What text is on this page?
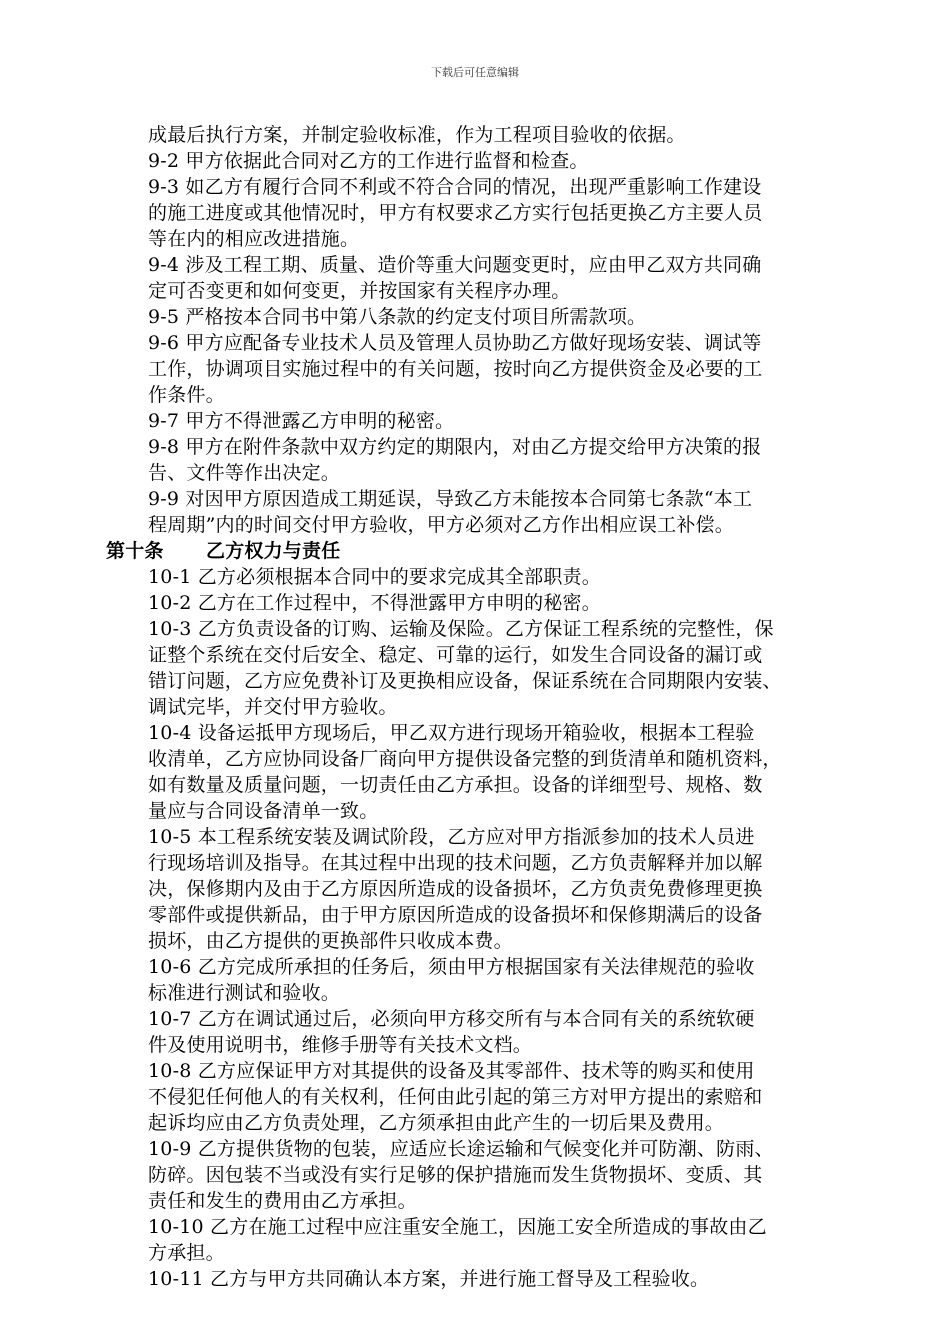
下载后可任意编辑
成最后执行方案，并制定验收标准，作为工程项目验收的依据。
9-2 甲方依据此合同对乙方的工作进行监督和检查。
9-3 如乙方有履行合同不利或不符合合同的情况，出现严重影响工作建设
的施工进度或其他情况时，甲方有权要求乙方实行包括更换乙方主要人员
等在内的相应改进措施。
9-4 涉及工程工期、质量、造价等重大问题变更时，应由甲乙双方共同确
定可否变更和如何变更，并按国家有关程序办理。
9-5 严格按本合同书中第八条款的约定支付项目所需款项。
9-6 甲方应配备专业技术人员及管理人员协助乙方做好现场安装、调试等
工作，协调项目实施过程中的有关问题，按时向乙方提供资金及必要的工
作条件。
9-7 甲方不得泄露乙方申明的秘密。
9-8 甲方在附件条款中双方约定的期限内，对由乙方提交给甲方决策的报
告、文件等作出决定。
9-9 对因甲方原因造成工期延误，导致乙方未能按本合同第七条款“本工
程周期”内的时间交付甲方验收，甲方必须对乙方作出相应误工补偿。
第十条 乙方权力与责任
10-1 乙方必须根据本合同中的要求完成其全部职责。
10-2 乙方在工作过程中，不得泄露甲方申明的秘密。
10-3 乙方负责设备的订购、运输及保险。乙方保证工程系统的完整性，保
证整个系统在交付后安全、稳定、可靠的运行，如发生合同设备的漏订或
错订问题，乙方应免费补订及更换相应设备，保证系统在合同期限内安装、
调试完毕，并交付甲方验收。
10-4 设备运抵甲方现场后，甲乙双方进行现场开箱验收，根据本工程验
收清单，乙方应协同设备厂商向甲方提供设备完整的到货清单和随机资料，
如有数量及质量问题，一切责任由乙方承担。设备的详细型号、规格、数
量应与合同设备清单一致。
10-5 本工程系统安装及调试阶段，乙方应对甲方指派参加的技术人员进
行现场培训及指导。在其过程中出现的技术问题，乙方负责解释并加以解
决，保修期内及由于乙方原因所造成的设备损坏，乙方负责免费修理更换
零部件或提供新品，由于甲方原因所造成的设备损坏和保修期满后的设备
损坏，由乙方提供的更换部件只收成本费。
10-6 乙方完成所承担的任务后，须由甲方根据国家有关法律规范的验收
标准进行测试和验收。
10-7 乙方在调试通过后，必须向甲方移交所有与本合同有关的系统软硬
件及使用说明书，维修手册等有关技术文档。
10-8 乙方应保证甲方对其提供的设备及其零部件、技术等的购买和使用
不侵犯任何他人的有关权利，任何由此引起的第三方对甲方提出的索赔和
起诉均应由乙方负责处理，乙方须承担由此产生的一切后果及费用。
10-9 乙方提供货物的包装，应适应长途运输和气候变化并可防潮、防雨、
防碎。因包装不当或没有实行足够的保护措施而发生货物损坏、变质、其
责任和发生的费用由乙方承担。
10-10 乙方在施工过程中应注重安全施工，因施工安全所造成的事故由乙
方承担。
10-11 乙方与甲方共同确认本方案，并进行施工督导及工程验收。
